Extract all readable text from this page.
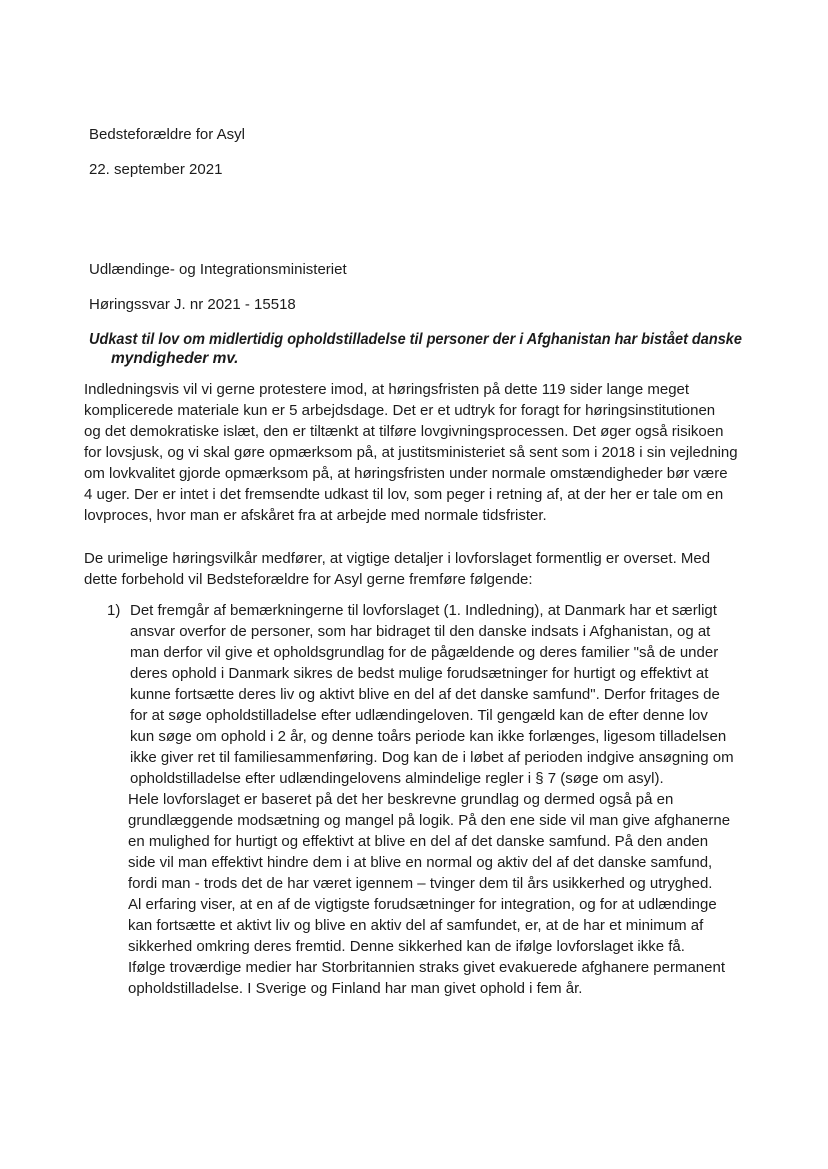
Bedsteforældre for Asyl
22. september 2021
Udlændinge- og Integrationsministeriet
Høringssvar J. nr 2021 - 15518
Udkast til lov om midlertidig opholdstilladelse til personer der i Afghanistan har bistået danske
myndigheder mv.
Indledningsvis vil vi gerne protestere imod, at høringsfristen på dette 119 sider lange meget
komplicerede materiale kun er 5 arbejdsdage. Det er et udtryk for foragt for høringsinstitutionen
og det demokratiske islæt, den er tiltænkt at tilføre lovgivningsprocessen. Det øger også risikoen
for lovsjusk, og vi skal gøre opmærksom på, at justitsministeriet så sent som i 2018 i sin vejledning
om lovkvalitet gjorde opmærksom på, at høringsfristen under normale omstændigheder bør være
4 uger. Der er intet i det fremsendte udkast til lov, som peger i retning af, at der her er tale om en
lovproces, hvor man er afskåret fra at arbejde med normale tidsfrister.
De urimelige høringsvilkår medfører, at vigtige detaljer i lovforslaget formentlig er overset. Med
dette forbehold vil Bedsteforældre for Asyl gerne fremføre følgende:
1) Det fremgår af bemærkningerne til lovforslaget (1. Indledning), at Danmark har et særligt
ansvar overfor de personer, som har bidraget til den danske indsats i Afghanistan, og at
man derfor vil give et opholdsgrundlag for de pågældende og deres familier "så de under
deres ophold i Danmark sikres de bedst mulige forudsætninger for hurtigt og effektivt at
kunne fortsætte deres liv og aktivt blive en del af det danske samfund". Derfor fritages de
for at søge opholdstilladelse efter udlændingeloven. Til gengæld kan de efter denne lov
kun søge om ophold i 2 år, og denne toårs periode kan ikke forlænges, ligesom tilladelsen
ikke giver ret til familiesammenføring. Dog kan de i løbet af perioden indgive ansøgning om
opholdstilladelse efter udlændingelovens almindelige regler i § 7 (søge om asyl).
Hele lovforslaget er baseret på det her beskrevne grundlag og dermed også på en
grundlæggende modsætning og mangel på logik. På den ene side vil man give afghanerne
en mulighed for hurtigt og effektivt at blive en del af det danske samfund. På den anden
side vil man effektivt hindre dem i at blive en normal og aktiv del af det danske samfund,
fordi man - trods det de har været igennem – tvinger dem til års usikkerhed og utryghed.
Al erfaring viser, at en af de vigtigste forudsætninger for integration, og for at udlændinge
kan fortsætte et aktivt liv og blive en aktiv del af samfundet, er, at de har et minimum af
sikkerhed omkring deres fremtid. Denne sikkerhed kan de ifølge lovforslaget ikke få.
Ifølge troværdige medier har Storbritannien straks givet evakuerede afghanere permanent
opholdstilladelse. I Sverige og Finland har man givet ophold i fem år.
